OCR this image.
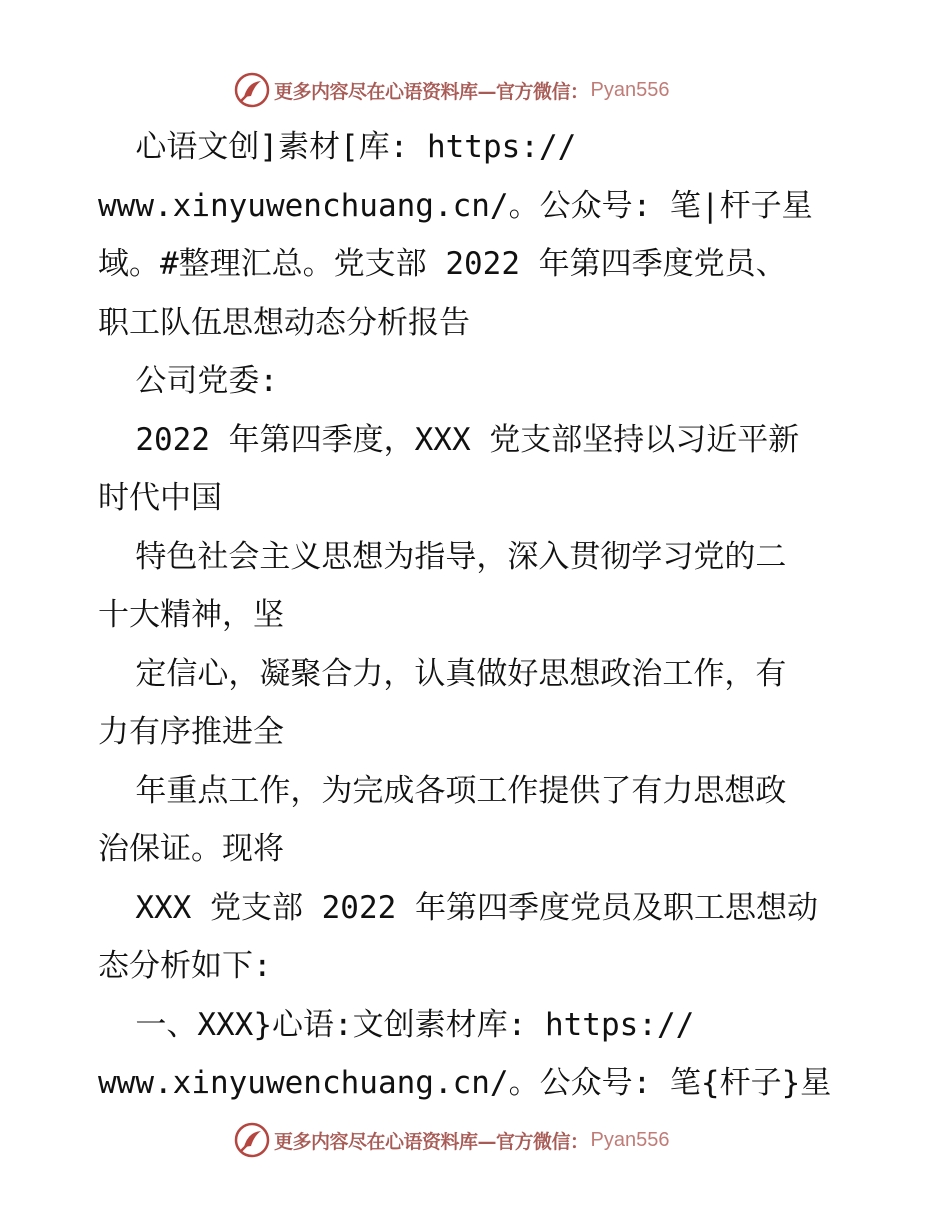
更多内容尽在心语资料库—官方微信： Pyan556
心语文创]素材[库: https://
www.xinyuwenchuang.cn/。公众号: 笔|杆子星
域。#整理汇总。党支部 2022 年第四季度党员、
职工队伍思想动态分析报告
公司党委:
2022 年第四季度，XXX 党支部坚持以习近平新
时代中国
特色社会主义思想为指导，深入贯彻学习党的二
十大精神，坚
定信心，凝聚合力，认真做好思想政治工作，有
力有序推进全
年重点工作，为完成各项工作提供了有力思想政
治保证。现将
XXX 党支部 2022 年第四季度党员及职工思想动
态分析如下:
一、XXX}心语:文创素材库: https://
www.xinyuwenchuang.cn/。公众号: 笔{杆子}星
更多内容尽在心语资料库—官方微信： Pyan556
